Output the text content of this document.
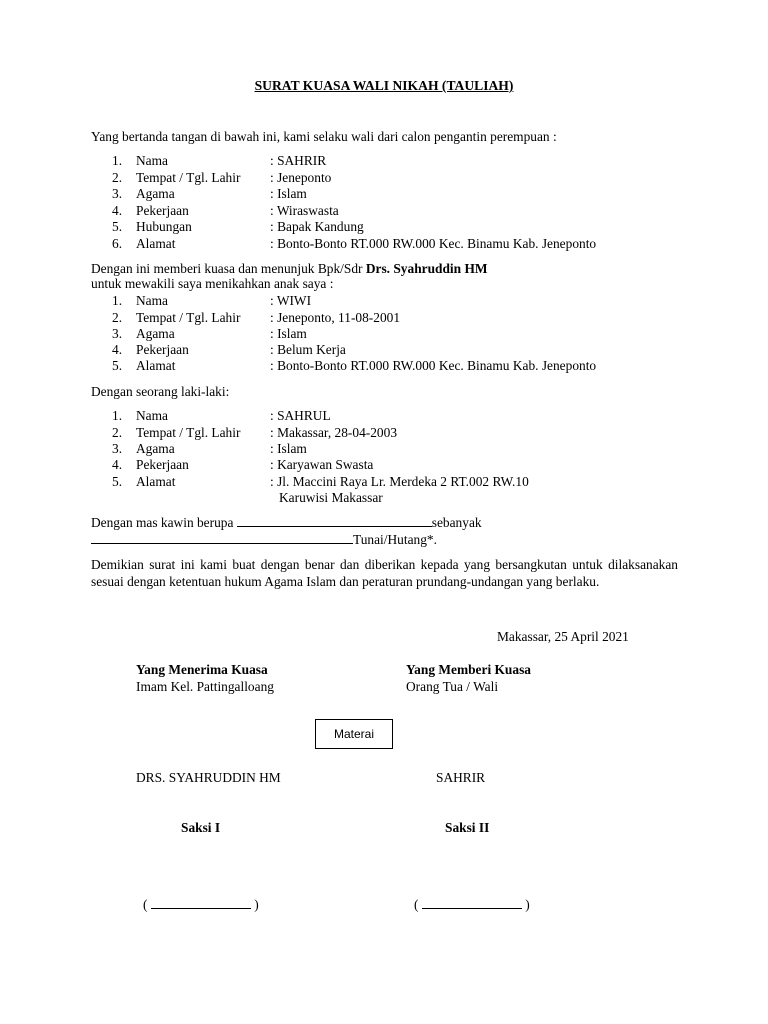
SURAT KUASA WALI NIKAH (TAULIAH)
Yang bertanda tangan di bawah ini, kami selaku wali dari calon pengantin perempuan :
1. Nama	: SAHRIR
2. Tempat / Tgl. Lahir : Jeneponto
3. Agama	: Islam
4. Pekerjaan	: Wiraswasta
5. Hubungan	: Bapak Kandung
6. Alamat	: Bonto-Bonto RT.000 RW.000 Kec. Binamu Kab. Jeneponto
Dengan ini memberi kuasa dan menunjuk Bpk/Sdr Drs. Syahruddin HM
untuk mewakili saya menikahkan anak saya :
1. Nama	: WIWI
2. Tempat / Tgl. Lahir : Jeneponto, 11-08-2001
3. Agama	: Islam
4. Pekerjaan	: Belum Kerja
5. Alamat	: Bonto-Bonto RT.000 RW.000 Kec. Binamu Kab. Jeneponto
Dengan seorang laki-laki:
1. Nama	: SAHRUL
2. Tempat / Tgl. Lahir : Makassar, 28-04-2003
3. Agama	: Islam
4. Pekerjaan	: Karyawan Swasta
5. Alamat	: Jl. Maccini Raya Lr. Merdeka 2 RT.002 RW.10
Karuwisi Makassar
Dengan mas kawin berupa	sebanyak
Tunai/Hutang*.
Demikian surat ini kami buat dengan benar dan diberikan kepada yang bersangkutan untuk dilaksanakan sesuai dengan ketentuan hukum Agama Islam dan peraturan prundang-undangan yang berlaku.
Makassar, 25 April 2021
Yang Menerima Kuasa
Imam Kel. Pattingalloang
Yang Memberi Kuasa
Orang Tua / Wali
Materai
DRS. SYAHRUDDIN HM	SAHRIR
Saksi I	Saksi II
(	)	(	)
